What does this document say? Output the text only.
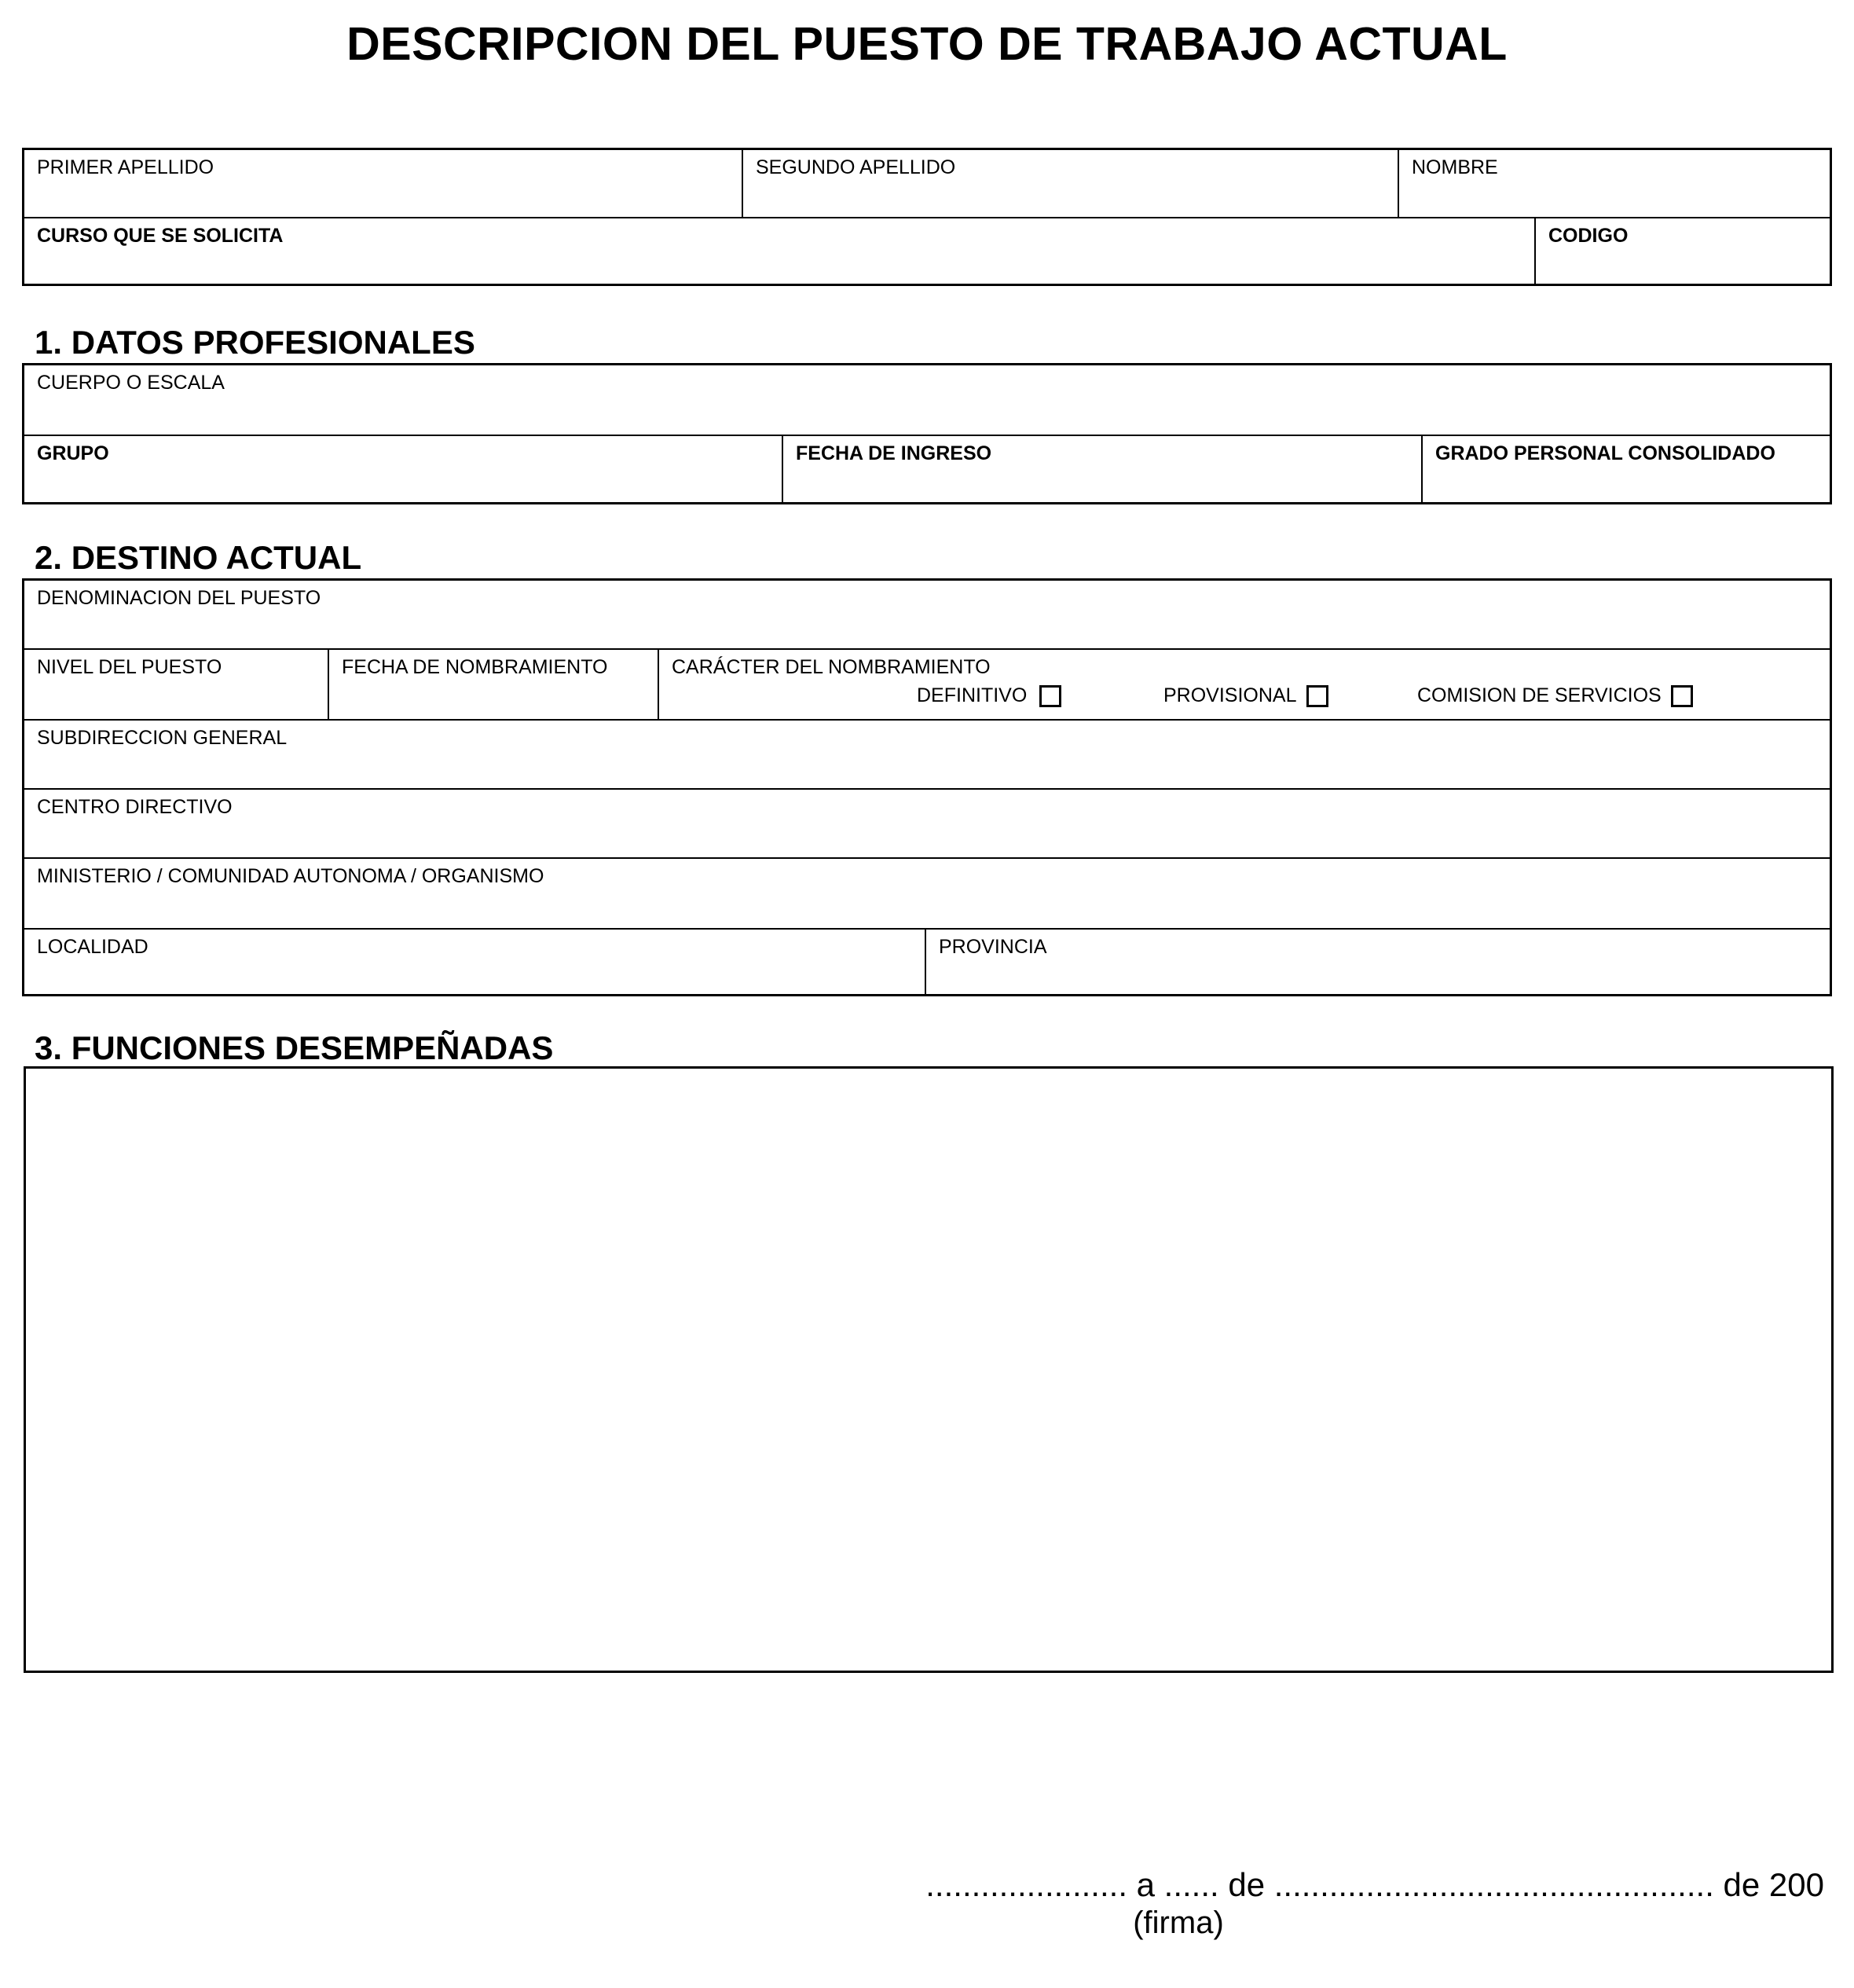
DESCRIPCION DEL PUESTO DE TRABAJO ACTUAL
PRIMER APELLIDO	SEGUNDO APELLIDO	NOMBRE
CURSO QUE SE SOLICITA	CODIGO
1. DATOS PROFESIONALES
CUERPO O ESCALA
GRUPO	FECHA DE INGRESO	GRADO PERSONAL CONSOLIDADO
2. DESTINO ACTUAL
DENOMINACION DEL PUESTO
NIVEL DEL PUESTO	FECHA DE NOMBRAMIENTO	CARÁCTER DEL NOMBRAMIENTO
DEFINITIVO	PROVISIONAL	COMISION DE SERVICIOS
SUBDIRECCION GENERAL
CENTRO DIRECTIVO
MINISTERIO / COMUNIDAD AUTONOMA / ORGANISMO
LOCALIDAD	PROVINCIA
3. FUNCIONES DESEMPEÑADAS
...................... a ...... de ................................................ de 200
(firma)
